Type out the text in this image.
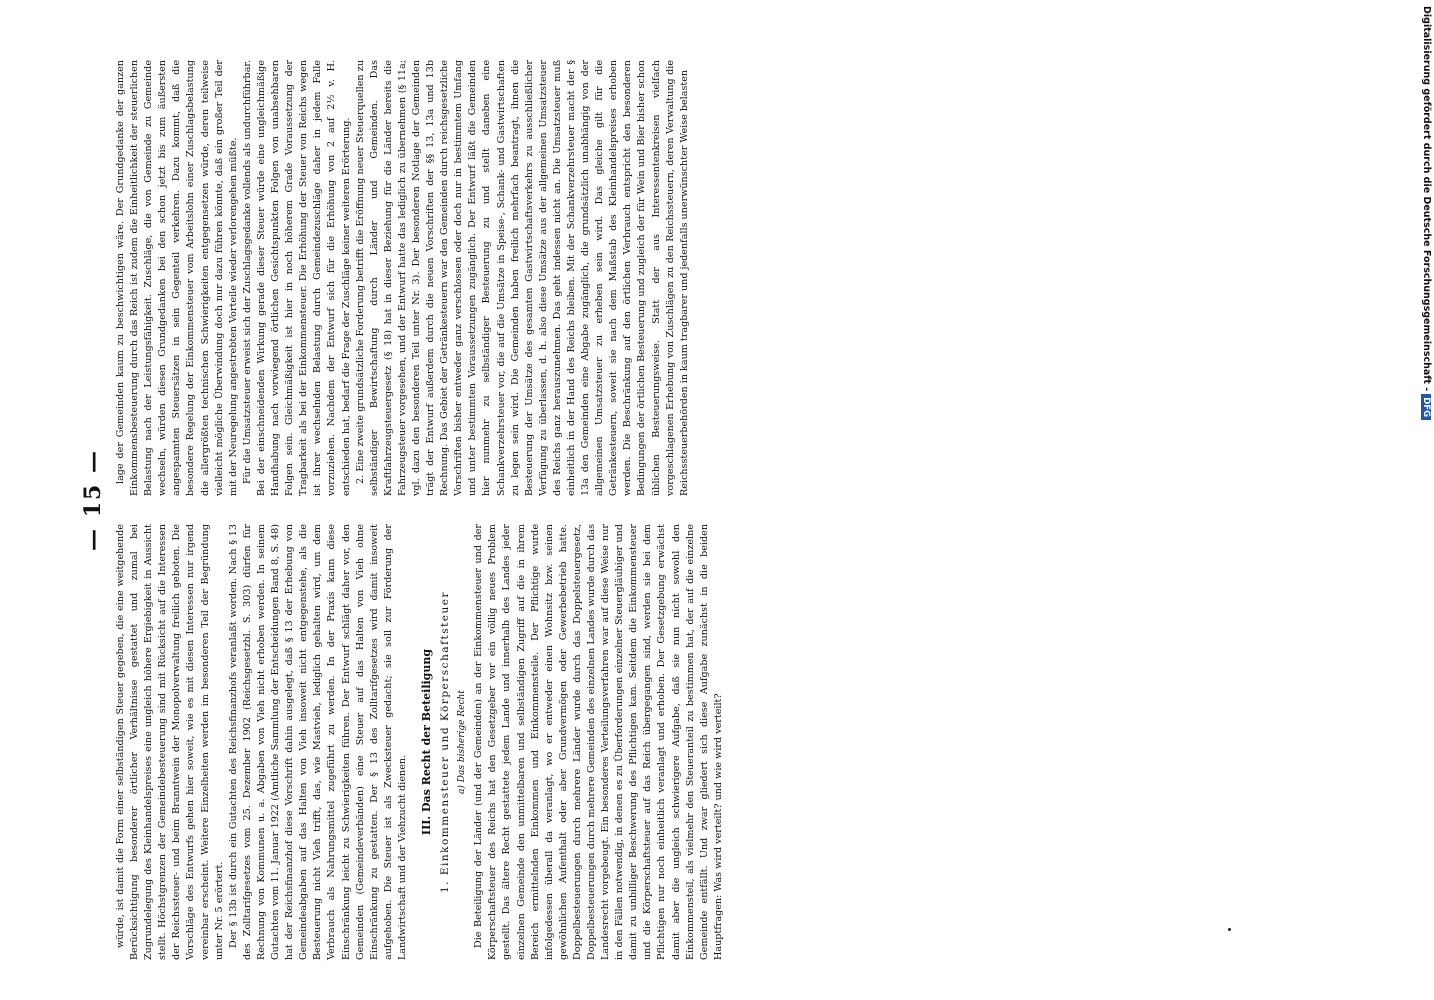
— 15 —

lage der Gemeinden kaum zu beschwichtigen wäre. Der Grundgedanke der ganzen Einkommensbesteuerung durch das Reich ist zudem die Einheitlichkeit der steuerlichen Belastung nach der Leistungsfähigkeit. Zuschläge, die von Gemeinde zu Gemeinde wechseln, würden diesen Grundgedanken bei den schon jetzt bis zum äußersten angespannten Steuersätzen in sein Gegenteil verkehren. Dazu kommt, daß die besondere Regelung der Einkommensteuer vom Arbeitslohn einer Zuschlagsbelastung die allergrößten technischen Schwierigkeiten entgegensetzen würde, deren teilweise vielleicht mögliche Überwindung doch nur dazu führen könnte, daß ein großer Teil der mit der Neuregelung angestrebten Vorteile wieder verlorengehen müßte. Für die Umsatzsteuer erweist sich der Zuschlagsgedanke vollends als undurchführbar. Bei der einschneidenden Wirkung gerade dieser Steuer würde eine ungleichmäßige Handhabung nach vorwiegend örtlichen Gesichtspunkten Folgen von unabsehbaren Folgen sein. Gleichmäßigkeit ist hier in noch höherem Grade Voraussetzung der Tragbarkeit als bei der Einkommensteuer. Die Erhöhung der Steuer von Reichs wegen ist ihrer wechselnden Belastung durch Gemeindezuschläge daher in jedem Falle vorzuziehen. Nachdem der Entwurf sich für die Erhöhung von 2 auf 2½ v. H. entschieden hat, bedarf die Frage der Zuschläge keiner weiteren Erörterung. 2. Eine zweite grundsätzliche Forderung betrifft die Eröffnung neuer Steuerquellen zu selbständiger Bewirtschaftung durch Länder und Gemeinden. Das Kraftfahrzeugsteuergesetz (§ 18) hat in dieser Beziehung für die Länder bereits die Fahrzeugsteuer vorgesehen, und der Entwurf hatte das lediglich zu übernehmen (§ 11a; vgl. dazu den besonderen Teil unter Nr. 3). Der besonderen Notlage der Gemeinden trägt der Entwurf außerdem durch die neuen Vorschriften der §§ 13, 13a und 13b Rechnung. Das Gebiet der Getränkesteuern war den Gemeinden durch reichsgesetzliche Vorschriften bisher entweder ganz verschlossen oder doch nur in bestimmtem Umfang und unter bestimmten Voraussetzungen zugänglich. Der Entwurf läßt die Gemeinden hier nunmehr zu selbständiger Besteuerung zu und stellt daneben eine Schankverzehrsteuer vor, die auf die Umsätze in Speise-, Schank- und Gastwirtschaften zu legen sein wird. Die Gemeinden haben freilich mehrfach beantragt, ihnen die Besteuerung der Umsätze des gesamten Gastwirtschaftsverkehrs zu ausschließlicher Verfügung zu überlassen, d. h. also diese Umsätze aus der allgemeinen Umsatzsteuer des Reichs ganz herauszunehmen. Das geht indessen nicht an. Die Umsatzsteuer muß einheitlich in der Hand des Reichs bleiben. Mit der Schankverzehrsteuer macht der § 13a den Gemeinden eine Abgabe zugänglich, die grundsätzlich unabhängig von der allgemeinen Umsatzsteuer zu erheben sein wird. Das gleiche gilt für die Getränkesteuern, soweit sie nach dem Maßstab des Kleinhandelspreises erhoben werden. Die Beschränkung auf den örtlichen Verbrauch entspricht den besonderen Bedingungen der örtlichen Besteuerung und zugleich der für Wein und Bier bisher schon üblichen Besteuerungsweise. Statt der aus Interessentenkreisen vielfach vorgeschlagenen Erhebung von Zuschlägen zu den Reichssteuern, deren Verwaltung die Reichssteuerbehörden in kaum tragbarer und jedenfalls unerwünschter Weise belasten

würde, ist damit die Form einer selbständigen Steuer gegeben, die eine weitgehende Berücksichtigung besonderer örtlicher Verhältnisse gestattet und zumal bei Zugrundelegung des Kleinhandelspreises eine ungleich höhere Ergiebigkeit in Aussicht stellt. Höchstgrenzen der Gemeindebesteuerung sind mit Rücksicht auf die Interessen der Reichssteuer- und beim Branntwein der Monopolverwaltung freilich geboten. Die Vorschläge des Entwurfs gehen hier soweit, wie es mit diesen Interessen nur irgend vereinbar erscheint. Weitere Einzelheiten werden im besonderen Teil der Begründung unter Nr. 5 erörtert. Der § 13b ist durch ein Gutachten des Reichsfinanzhofs veranlaßt worden. Nach § 13 des Zolltarifgesetzes vom 25. Dezember 1902 (Reichsgesetzbl. S. 303) dürfen für Rechnung von Kommunen u. a. Abgaben von Vieh nicht erhoben werden. In seinem Gutachten vom 11. Januar 1922 (Amtliche Sammlung der Entscheidungen Band 8, S. 48) hat der Reichsfinanzhof diese Vorschrift dahin ausgelegt, daß § 13 der Erhebung von Gemeindeabgaben auf das Halten von Vieh insoweit nicht entgegenstehe, als die Besteuerung nicht Vieh trifft, das, wie Mastvieh, lediglich gehalten wird, um dem Verbrauch als Nahrungsmittel zugeführt zu werden. In der Praxis kann diese Einschränkung leicht zu Schwierigkeiten führen. Der Entwurf schlägt daher vor, den Gemeinden (Gemeindeverbänden) eine Steuer auf das Halten von Vieh ohne Einschränkung zu gestatten. Der § 13 des Zolltarifgesetzes wird damit insoweit aufgehoben. Die Steuer ist als Zwecksteuer gedacht; sie soll zur Förderung der Landwirtschaft und der Viehzucht dienen.

III. Das Recht der Beteiligung 1. Einkommensteuer und Körperschaftsteuer a) Das bisherige Recht Die Beteiligung der Länder (und der Gemeinden) an der Einkommensteuer und der Körperschaftsteuer des Reichs hat den Gesetzgeber vor ein völlig neues Problem gestellt. Das ältere Recht gestattete jedem Lande und innerhalb des Landes jeder einzelnen Gemeinde den unmittelbaren und selbständigen Zugriff auf die in ihrem Bereich ermittelnden Einkommen und Einkommensteile. Der Pflichtige wurde infolgedessen überall da veranlagt, wo er entweder einen Wohnsitz bzw. seinen gewöhnlichen Aufenthalt oder aber Grundvermögen oder Gewerbebetrieb hatte. Doppelbesteuerungen durch mehrere Länder wurde durch das Doppelsteuergesetz, Doppelbesteuerungen durch mehrere Gemeinden des einzelnen Landes wurde durch das Landesrecht vorgebeugt. Ein besonderes Verteilungsverfahren war auf diese Weise nur in den Fällen notwendig, in denen es zu Überforderungen einzelner Steuergläubiger und damit zu unbilliger Beschwerung des Pflichtigen kam. Seitdem die Einkommensteuer und die Körperschaftsteuer auf das Reich übergegangen sind, werden sie bei dem Pflichtigen nur noch einheitlich veranlagt und erhoben. Der Gesetzgebung erwächst damit aber die ungleich schwierigere Aufgabe, daß sie nun nicht sowohl den Einkommensteil, als vielmehr den Steueranteil zu bestimmen hat, der auf die einzelne Gemeinde entfällt. Und zwar gliedert sich diese Aufgabe zunächst in die beiden Hauptfragen: Was wird verteilt? und wie wird verteilt?

Digitalisierung gefördert durch die Deutsche Forschungsgemeinschaft -DFG
